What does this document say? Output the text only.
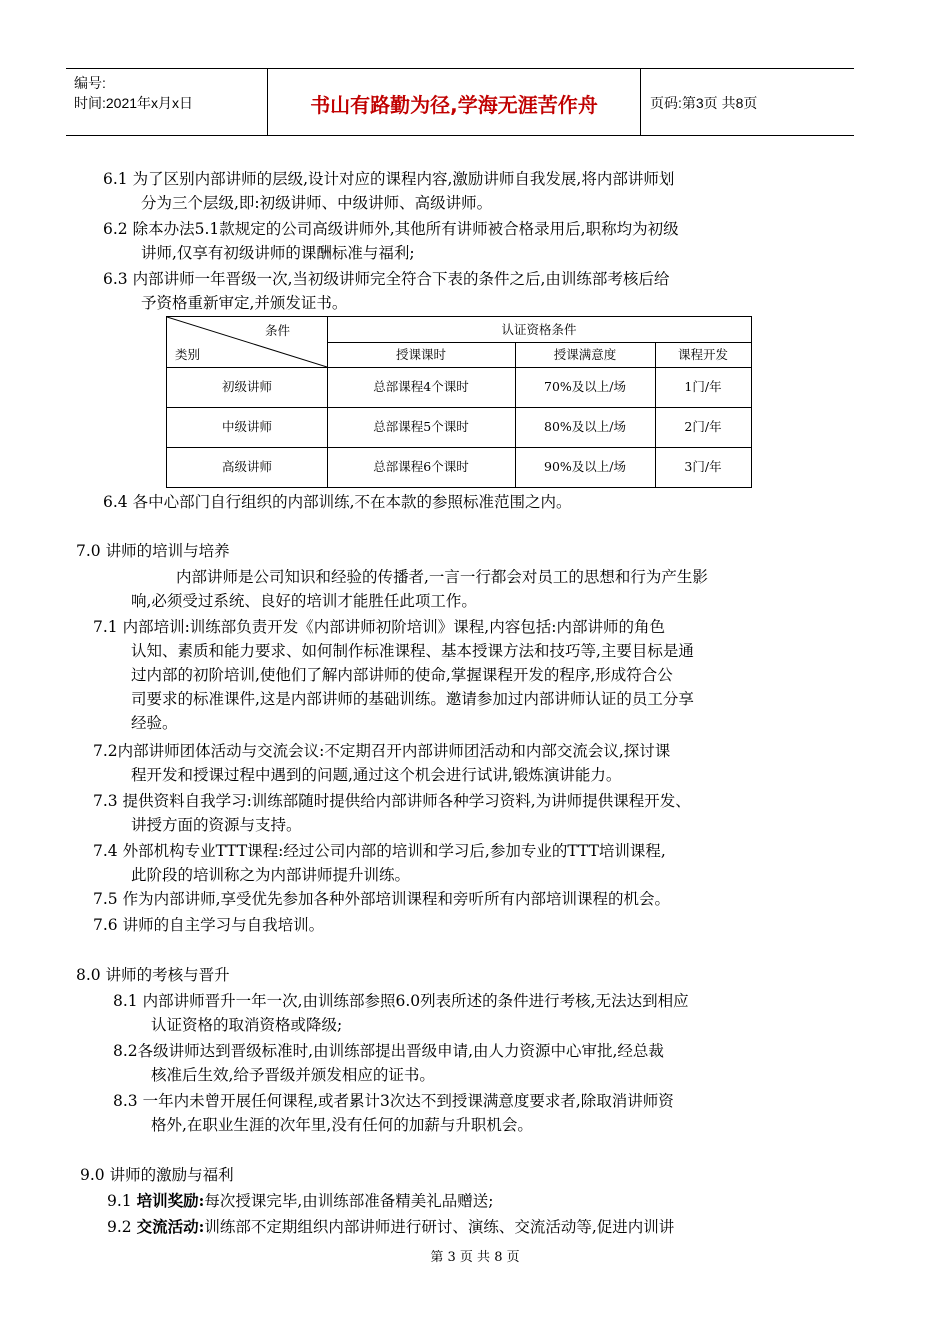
编号:
时间:2021年x月x日	书山有路勤为径,学海无涯苦作舟	页码:第3页 共8页
6.1 为了区别内部讲师的层级,设计对应的课程内容,激励讲师自我发展,将内部讲师划
分为三个层级,即:初级讲师、中级讲师、高级讲师。
6.2 除本办法5.1款规定的公司高级讲师外,其他所有讲师被合格录用后,职称均为初级
讲师,仅享有初级讲师的课酬标准与福利;
6.3 内部讲师一年晋级一次,当初级讲师完全符合下表的条件之后,由训练部考核后给
予资格重新审定,并颁发证书。
条件
类别
认证资格条件
授课课时	授课满意度	课程开发
初级讲师	总部课程4个课时	70%及以上/场	1门/年
中级讲师	总部课程5个课时	80%及以上/场	2门/年
高级讲师	总部课程6个课时	90%及以上/场	3门/年
6.4 各中心部门自行组织的内部训练,不在本款的参照标准范围之内。
7.0 讲师的培训与培养
内部讲师是公司知识和经验的传播者,一言一行都会对员工的思想和行为产生影
响,必须受过系统、良好的培训才能胜任此项工作。
7.1 内部培训:训练部负责开发《内部讲师初阶培训》课程,内容包括:内部讲师的角色
认知、素质和能力要求、如何制作标准课程、基本授课方法和技巧等,主要目标是通
过内部的初阶培训,使他们了解内部讲师的使命,掌握课程开发的程序,形成符合公
司要求的标准课件,这是内部讲师的基础训练。邀请参加过内部讲师认证的员工分享
经验。
7.2内部讲师团体活动与交流会议:不定期召开内部讲师团活动和内部交流会议,探讨课
程开发和授课过程中遇到的问题,通过这个机会进行试讲,锻炼演讲能力。
7.3 提供资料自我学习:训练部随时提供给内部讲师各种学习资料,为讲师提供课程开发、
讲授方面的资源与支持。
7.4 外部机构专业TTT课程:经过公司内部的培训和学习后,参加专业的TTT培训课程,
此阶段的培训称之为内部讲师提升训练。
7.5 作为内部讲师,享受优先参加各种外部培训课程和旁听所有内部培训课程的机会。
7.6 讲师的自主学习与自我培训。
8.0 讲师的考核与晋升
8.1 内部讲师晋升一年一次,由训练部参照6.0列表所述的条件进行考核,无法达到相应
认证资格的取消资格或降级;
8.2各级讲师达到晋级标准时,由训练部提出晋级申请,由人力资源中心审批,经总裁
核准后生效,给予晋级并颁发相应的证书。
8.3 一年内未曾开展任何课程,或者累计3次达不到授课满意度要求者,除取消讲师资
格外,在职业生涯的次年里,没有任何的加薪与升职机会。
9.0 讲师的激励与福利
9.1 培训奖励:每次授课完毕,由训练部准备精美礼品赠送;
9.2 交流活动:训练部不定期组织内部讲师进行研讨、演练、交流活动等,促进内训讲
第 3 页 共 8 页
